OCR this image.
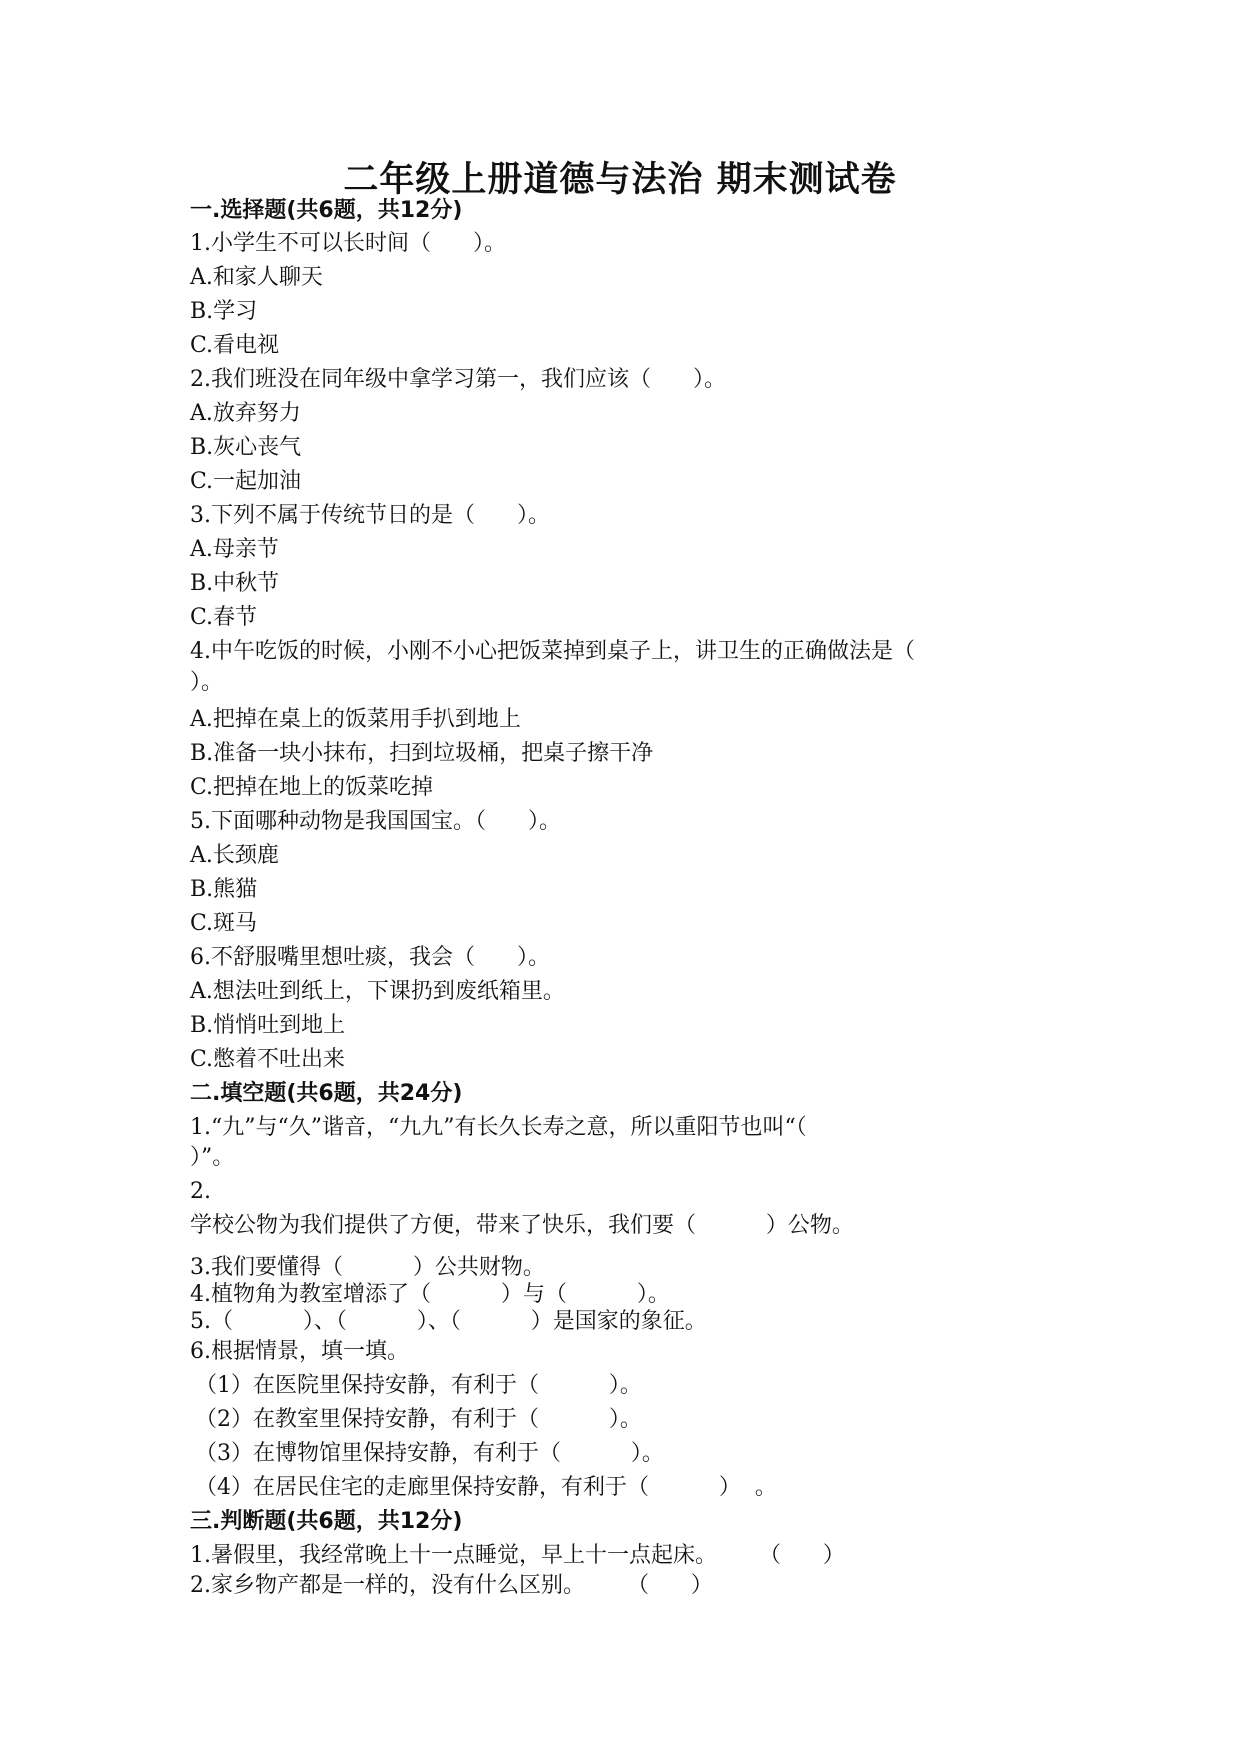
二年级上册道德与法治 期末测试卷
一.选择题(共6题，共12分)
1.小学生不可以长时间（      ）。
A.和家人聊天
B.学习
C.看电视
2.我们班没在同年级中拿学习第一，我们应该（      ）。
A.放弃努力
B.灰心丧气
C.一起加油
3.下列不属于传统节日的是（      ）。
A.母亲节
B.中秋节
C.春节
4.中午吃饭的时候，小刚不小心把饭菜掉到桌子上，讲卫生的正确做法是（
）。
A.把掉在桌上的饭菜用手扒到地上
B.准备一块小抹布，扫到垃圾桶，把桌子擦干净
C.把掉在地上的饭菜吃掉
5.下面哪种动物是我国国宝。（      ）。
A.长颈鹿
B.熊猫
C.斑马
6.不舒服嘴里想吐痰，我会（      ）。
A.想法吐到纸上，下课扔到废纸箱里。
B.悄悄吐到地上
C.憋着不吐出来
二.填空题(共6题，共24分)
1.“九”与“久”谐音，“九九”有长久长寿之意，所以重阳节也叫“（
）”。
2.
学校公物为我们提供了方便，带来了快乐，我们要（          ）公物。
3.我们要懂得（          ）公共财物。
4.植物角为教室增添了（          ）与（          ）。
5.（          ）、（          ）、（          ）是国家的象征。
6.根据情景，填一填。
（1）在医院里保持安静，有利于（          ）。
（2）在教室里保持安静，有利于（          ）。
（3）在博物馆里保持安静，有利于（          ）。
（4）在居民住宅的走廊里保持安静，有利于（          ）  。
三.判断题(共6题，共12分)
1.暑假里，我经常晚上十一点睡觉，早上十一点起床。      （      ）
2.家乡物产都是一样的，没有什么区别。      （      ）
